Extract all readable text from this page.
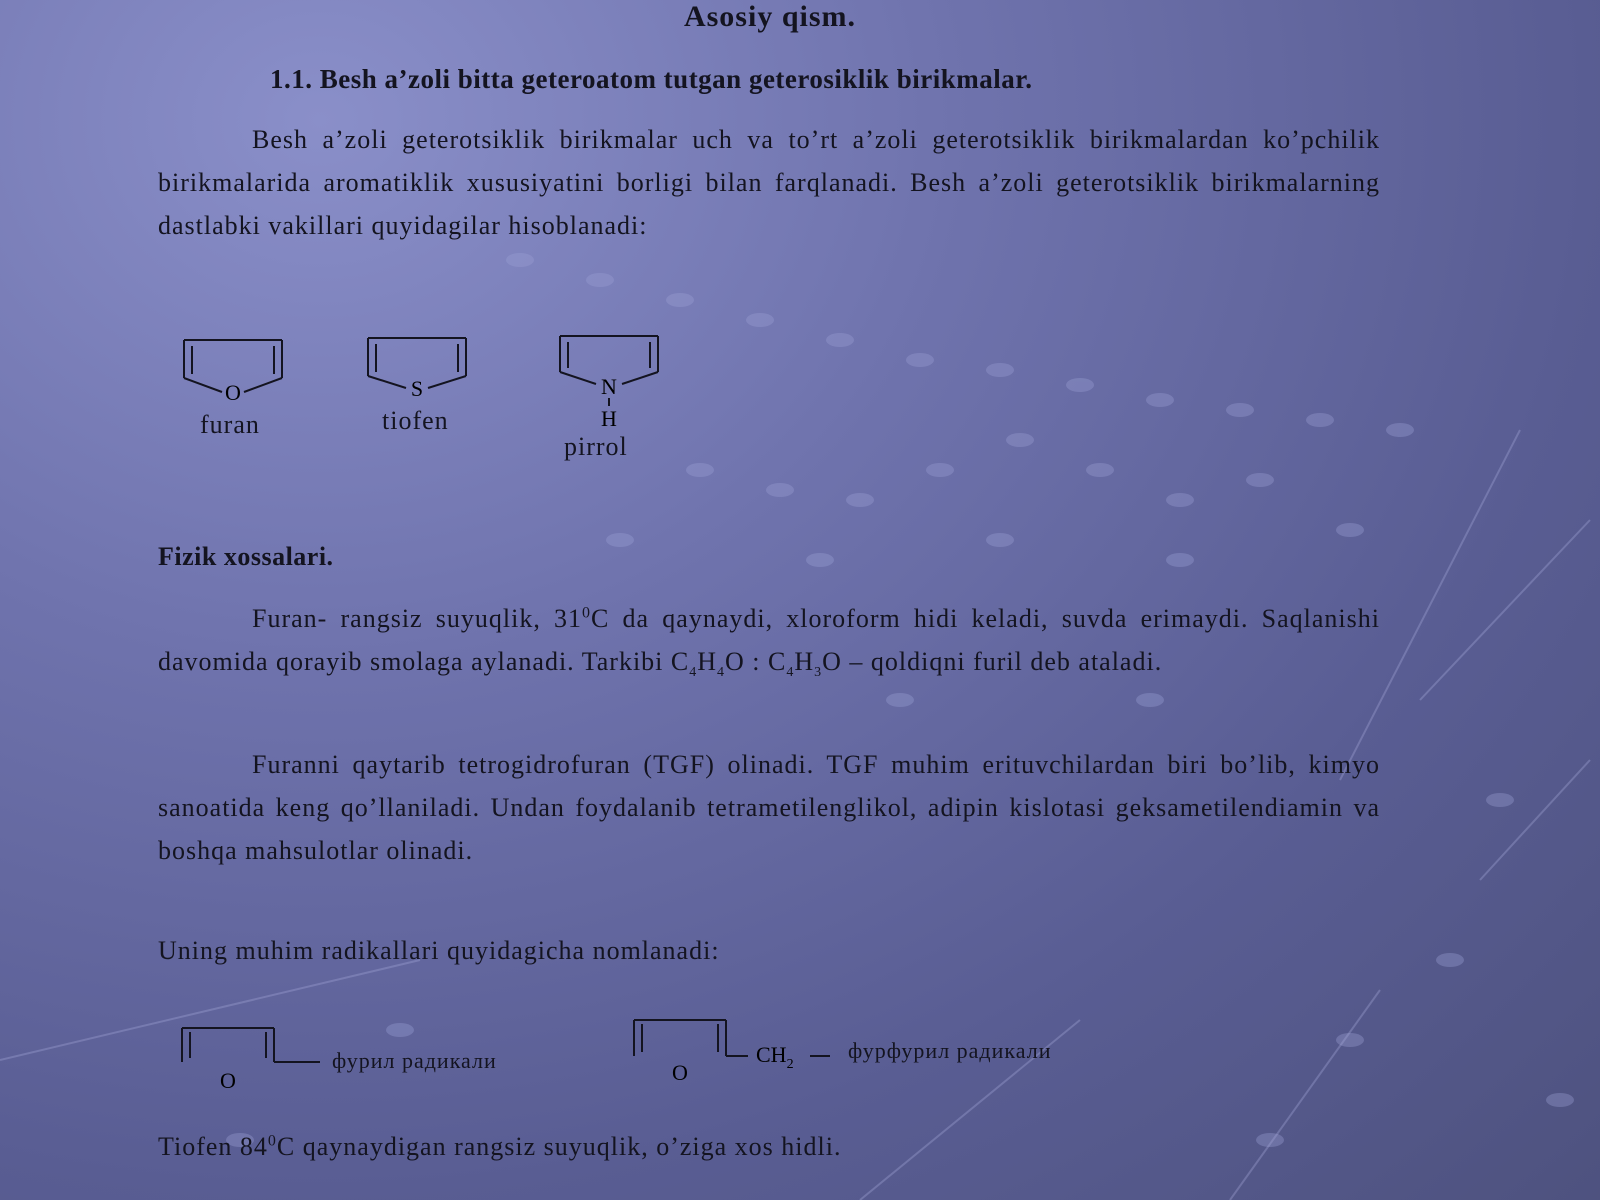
Asosiy qism.
1.1. Besh a’zoli bitta geteroatom tutgan geterosiklik birikmalar.
Besh a’zoli geterotsiklik birikmalar uch va to’rt a’zoli geterotsiklik birikmalardan ko’pchilik birikmalarida aromatiklik xususiyatini borligi bilan farqlanadi. Besh a’zoli geterotsiklik birikmalarning dastlabki vakillari quyidagilar hisoblanadi:
O	S	N
H
furan	tiofen
pirrol
Fizik xossalari.
Furan- rangsiz suyuqlik, $31^0C$ da qaynaydi, xloroform hidi keladi, suvda erimaydi. Saqlanishi davomida qorayib smolaga aylanadi. Tarkibi $C_4H_4O$ : $C_4H_3O$ – qoldiqni furil deb ataladi.
Furanni qaytarib tetrogidrofuran (TGF) olinadi. TGF muhim erituvchilardan biri bo’lib, kimyo sanoatida keng qo’llaniladi. Undan foydalanib tetrametilenglikol, adipin kislotasi geksametilendiamin va boshqa mahsulotlar olinadi.
Uning muhim radikallari quyidagicha nomlanadi:
O	O
$CH_2$
фурил радикали	фурфурил радикали
Tiofen $84^0C$ qaynaydigan rangsiz suyuqlik, o’ziga xos hidli.
